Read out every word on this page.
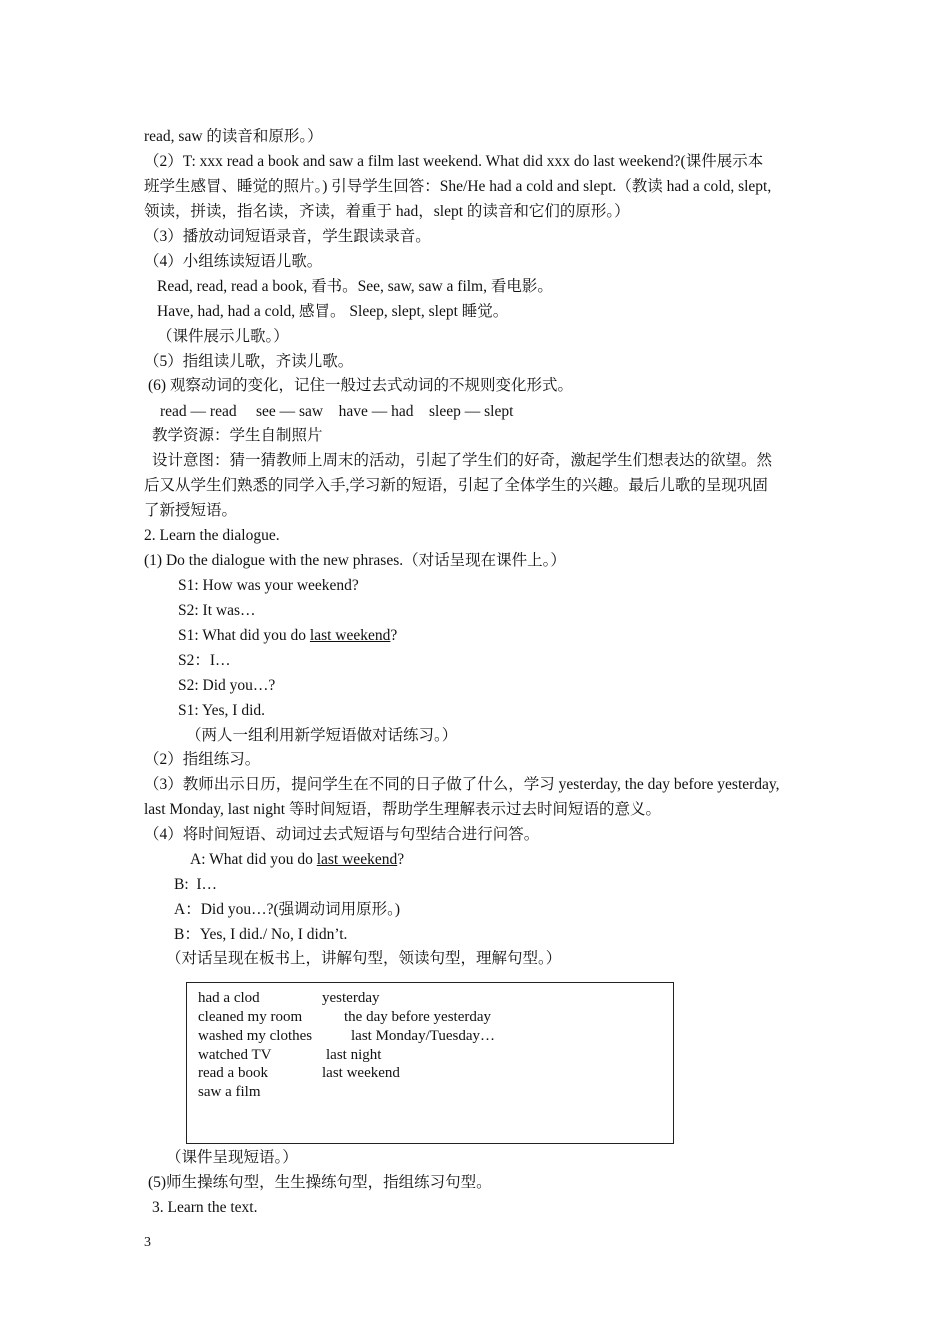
read, saw 的读音和原形。）
（2）T: xxx read a book and saw a film last weekend. What did xxx do last weekend?(课件展示本
班学生感冒、睡觉的照片。) 引导学生回答：She/He had a cold and slept.（教读 had a cold, slept,
领读，拼读，指名读，齐读，着重于 had，slept 的读音和它们的原形。）
（3）播放动词短语录音，学生跟读录音。
（4）小组练读短语儿歌。
Read, read, read a book, 看书。See, saw, saw a film, 看电影。
Have, had, had a cold, 感冒。 Sleep, slept, slept 睡觉。
（课件展示儿歌。）
（5）指组读儿歌，齐读儿歌。
(6) 观察动词的变化，记住一般过去式动词的不规则变化形式。
read — read     see — saw    have — had    sleep — slept
教学资源：学生自制照片
设计意图：猜一猜教师上周末的活动，引起了学生们的好奇，激起学生们想表达的欲望。然
后又从学生们熟悉的同学入手,学习新的短语，引起了全体学生的兴趣。最后儿歌的呈现巩固
了新授短语。
2. Learn the dialogue.
(1) Do the dialogue with the new phrases.（对话呈现在课件上。）
S1: How was your weekend?
S2: It was…
S1: What did you do last weekend?
S2：I…
S2: Did you…?
S1: Yes, I did.
（两人一组利用新学短语做对话练习。）
（2）指组练习。
（3）教师出示日历，提问学生在不同的日子做了什么，学习 yesterday, the day before yesterday,
last Monday, last night 等时间短语，帮助学生理解表示过去时间短语的意义。
（4）将时间短语、动词过去式短语与句型结合进行问答。
A: What did you do last weekend?
B:  I…
A：Did you…?(强调动词用原形。)
B：Yes, I did./ No, I didn’t.
（对话呈现在板书上，讲解句型，领读句型，理解句型。）
had a clod
cleaned my room
washed my clothes
watched TV
read a book
saw a film
yesterday
the day before yesterday
last Monday/Tuesday…
last night
last weekend
（课件呈现短语。）
(5)师生操练句型，生生操练句型，指组练习句型。
3. Learn the text.
3
